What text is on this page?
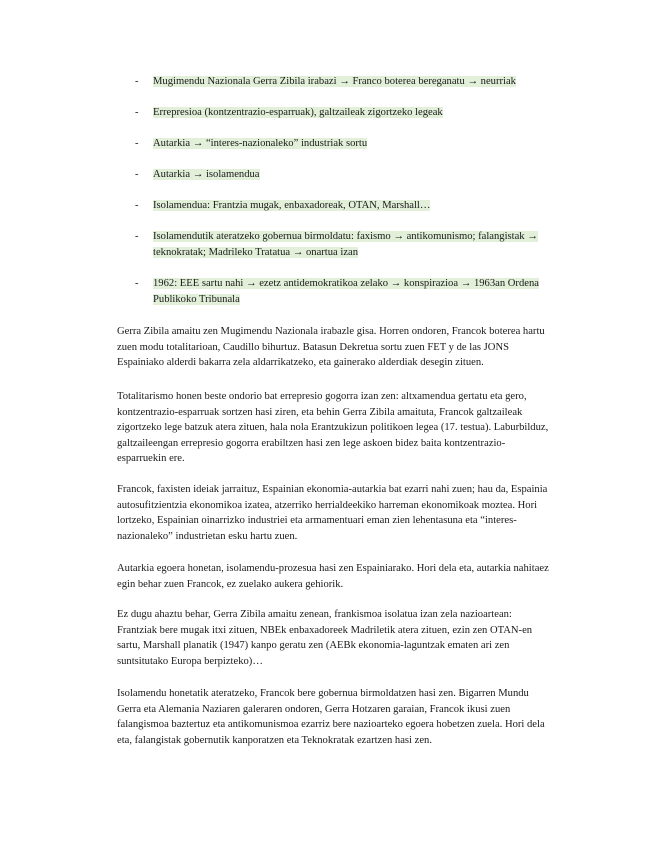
- Mugimendu Nazionala Gerra Zibila irabazi → Franco boterea bereganatu → neurriak
- Errepresioa (kontzentrazio-esparruak), galtzaileak zigortzeko legeak
- Autarkia → “interes-nazionaleko” industriak sortu
- Autarkia → isolamendua
- Isolamendua: Frantzia mugak, enbaxadoreak, OTAN, Marshall…
- Isolamendutik ateratzeko gobernua birmoldatu: faxismo → antikomunismo; falangistak → teknokratak; Madrileko Tratatua → onartua izan
- 1962: EEE sartu nahi → ezetz antidemokratikoa zelako → konspirazioa → 1963an Ordena Publikoko Tribunala

Gerra Zibila amaitu zen Mugimendu Nazionala irabazle gisa. Horren ondoren, Francok boterea hartu zuen modu totalitarioan, Caudillo bihurtuz. Batasun Dekretua sortu zuen FET y de las JONS Espainiako alderdi bakarra zela aldarrikatzeko, eta gainerako alderdiak desegin zituen.

Totalitarismo honen beste ondorio bat errepresio gogorra izan zen: altxamendua gertatu eta gero, kontzentrazio-esparruak sortzen hasi ziren, eta behin Gerra Zibila amaituta, Francok galtzaileak zigortzeko lege batzuk atera zituen, hala nola Erantzukizun politikoen legea (17. testua). Laburbilduz, galtzaileengan errepresio gogorra erabiltzen hasi zen lege askoen bidez baita kontzentrazio-esparruekin ere.

Francok, faxisten ideiak jarraituz, Espainian ekonomia-autarkia bat ezarri nahi zuen; hau da, Espainia autosufitzientzia ekonomikoa izatea, atzerriko herrialdeekiko harreman ekonomikoak moztea. Hori lortzeko, Espainian oinarrizko industriei eta armamentuari eman zien lehentasuna eta “interes-nazionaleko” industrietan esku hartu zuen.

Autarkia egoera honetan, isolamendu-prozesua hasi zen Espainiarako. Hori dela eta, autarkia nahitaez egin behar zuen Francok, ez zuelako aukera gehiorik.

Ez dugu ahaztu behar, Gerra Zibila amaitu zenean, frankismoa isolatua izan zela nazioartean: Frantziak bere mugak itxi zituen, NBEk enbaxadoreek Madriletik atera zituen, ezin zen OTAN-en sartu, Marshall planatik (1947) kanpo geratu zen (AEBk ekonomia-laguntzak ematen ari zen suntsitutako Europa berpizteko)…

Isolamendu honetatik ateratzeko, Francok bere gobernua birmoldatzen hasi zen. Bigarren Mundu Gerra eta Alemania Naziaren galeraren ondoren, Gerra Hotzaren garaian, Francok ikusi zuen falangismoa baztertuz eta antikomunismoa ezarriz bere nazioarteko egoera hobetzen zuela. Hori dela eta, falangistak gobernutik kanporatzen eta Teknokratak ezartzen hasi zen.
